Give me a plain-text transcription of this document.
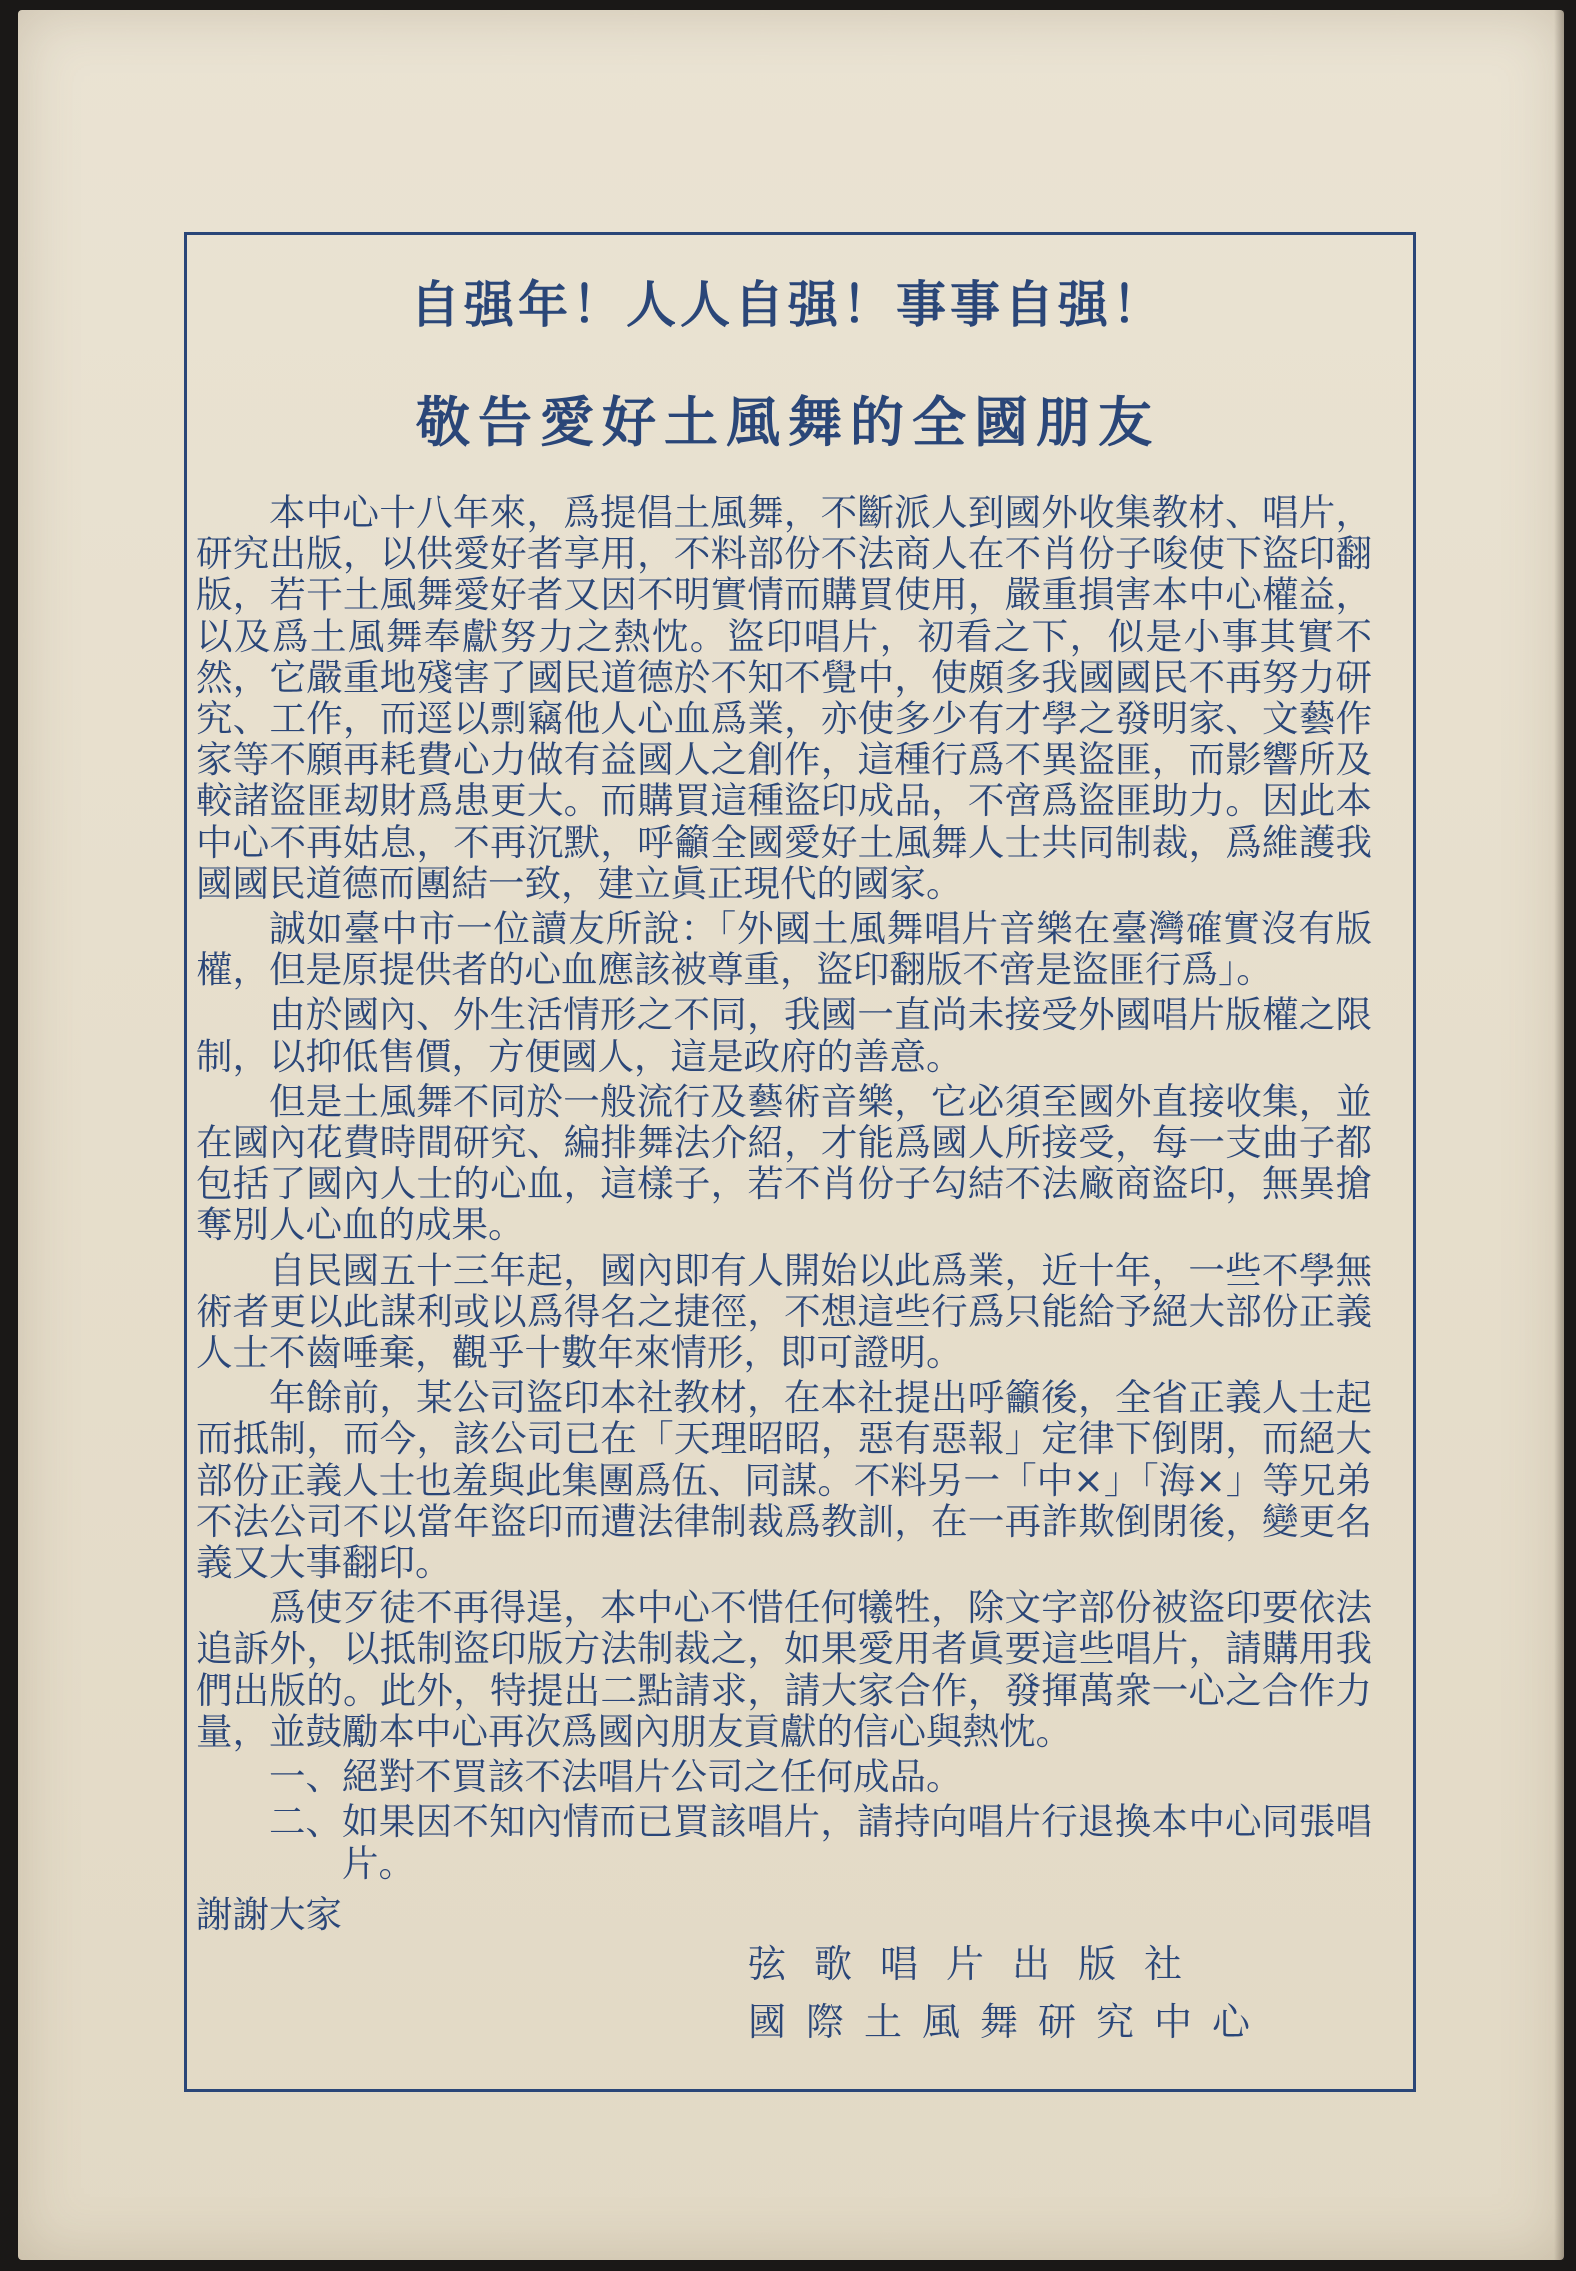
自强年！人人自强！事事自强！
敬告愛好土風舞的全國朋友

本中心十八年來，爲提倡土風舞，不斷派人到國外收集教材、唱片，研究出版，以供愛好者享用，不料部份不法商人在不肖份子唆使下盜印翻版，若干土風舞愛好者又因不明實情而購買使用，嚴重損害本中心權益，以及爲土風舞奉獻努力之熱忱。盜印唱片，初看之下，似是小事其實不然，它嚴重地殘害了國民道德於不知不覺中，使頗多我國國民不再努力研究、工作，而逕以剽竊他人心血爲業，亦使多少有才學之發明家、文藝作家等不願再耗費心力做有益國人之創作，這種行爲不異盜匪，而影響所及較諸盜匪刼財爲患更大。而購買這種盜印成品，不啻爲盜匪助力。因此本中心不再姑息，不再沉默，呼籲全國愛好土風舞人士共同制裁，爲維護我國國民道德而團結一致，建立眞正現代的國家。

誠如臺中市一位讀友所說：「外國土風舞唱片音樂在臺灣確實沒有版權，但是原提供者的心血應該被尊重，盜印翻版不啻是盜匪行爲」。

由於國內、外生活情形之不同，我國一直尚未接受外國唱片版權之限制，以抑低售價，方便國人，這是政府的善意。

但是土風舞不同於一般流行及藝術音樂，它必須至國外直接收集，並在國內花費時間研究、編排舞法介紹，才能爲國人所接受，每一支曲子都包括了國內人士的心血，這樣子，若不肖份子勾結不法廠商盜印，無異搶奪別人心血的成果。

自民國五十三年起，國內即有人開始以此爲業，近十年，一些不學無術者更以此謀利或以爲得名之捷徑，不想這些行爲只能給予絕大部份正義人士不齒唾棄，觀乎十數年來情形，即可證明。

年餘前，某公司盜印本社教材，在本社提出呼籲後，全省正義人士起而抵制，而今，該公司已在「天理昭昭，惡有惡報」定律下倒閉，而絕大部份正義人士也羞與此集團爲伍、同謀。不料另一「中×」「海×」等兄弟不法公司不以當年盜印而遭法律制裁爲教訓，在一再詐欺倒閉後，變更名義又大事翻印。

爲使歹徒不再得逞，本中心不惜任何犧牲，除文字部份被盜印要依法追訴外，以抵制盜印版方法制裁之，如果愛用者眞要這些唱片，請購用我們出版的。此外，特提出二點請求，請大家合作，發揮萬衆一心之合作力量，並鼓勵本中心再次爲國內朋友貢獻的信心與熱忱。

一、 絕對不買該不法唱片公司之任何成品。

二、 如果因不知內情而已買該唱片，請持向唱片行退換本中心同張唱片。

謝謝大家

弦歌唱片出版社
國際土風舞研究中心
